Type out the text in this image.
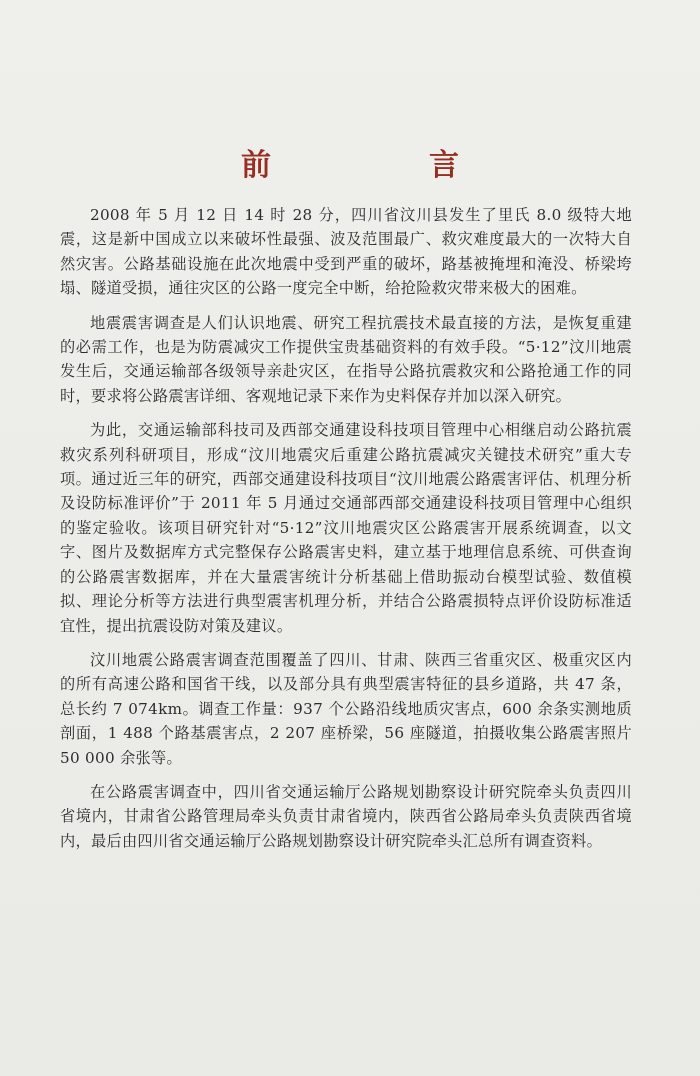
前　言

2008 年 5 月 12 日 14 时 28 分，四川省汶川县发生了里氏 8.0 级特大地震，这是新中国成立以来破坏性最强、波及范围最广、救灾难度最大的一次特大自然灾害。公路基础设施在此次地震中受到严重的破坏，路基被掩埋和淹没、桥梁垮塌、隧道受损，通往灾区的公路一度完全中断，给抢险救灾带来极大的困难。

地震震害调查是人们认识地震、研究工程抗震技术最直接的方法，是恢复重建的必需工作，也是为防震减灾工作提供宝贵基础资料的有效手段。“5·12”汶川地震发生后，交通运输部各级领导亲赴灾区，在指导公路抗震救灾和公路抢通工作的同时，要求将公路震害详细、客观地记录下来作为史料保存并加以深入研究。

为此，交通运输部科技司及西部交通建设科技项目管理中心相继启动公路抗震救灾系列科研项目，形成“汶川地震灾后重建公路抗震减灾关键技术研究”重大专项。通过近三年的研究，西部交通建设科技项目“汶川地震公路震害评估、机理分析及设防标准评价”于 2011 年 5 月通过交通部西部交通建设科技项目管理中心组织的鉴定验收。该项目研究针对“5·12”汶川地震灾区公路震害开展系统调查，以文字、图片及数据库方式完整保存公路震害史料，建立基于地理信息系统、可供查询的公路震害数据库，并在大量震害统计分析基础上借助振动台模型试验、数值模拟、理论分析等方法进行典型震害机理分析，并结合公路震损特点评价设防标准适宜性，提出抗震设防对策及建议。

汶川地震公路震害调查范围覆盖了四川、甘肃、陕西三省重灾区、极重灾区内的所有高速公路和国省干线，以及部分具有典型震害特征的县乡道路，共 47 条，总长约 7 074km。调查工作量：937 个公路沿线地质灾害点，600 余条实测地质剖面，1 488 个路基震害点，2 207 座桥梁，56 座隧道，拍摄收集公路震害照片 50 000 余张等。

在公路震害调查中，四川省交通运输厅公路规划勘察设计研究院牵头负责四川省境内，甘肃省公路管理局牵头负责甘肃省境内，陕西省公路局牵头负责陕西省境内，最后由四川省交通运输厅公路规划勘察设计研究院牵头汇总所有调查资料。
